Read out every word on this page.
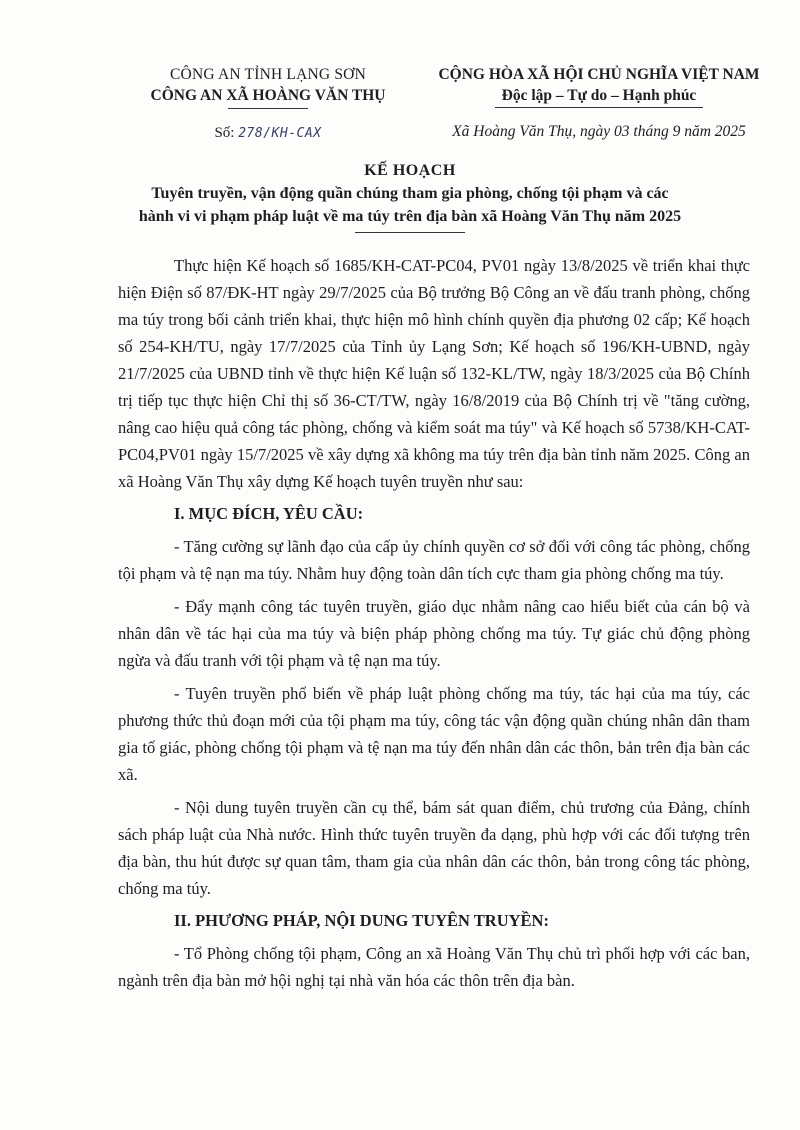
CÔNG AN TỈNH LẠNG SƠN
CÔNG AN XÃ HOÀNG VĂN THỤ
Số: 278/KH-CAX
CỘNG HÒA XÃ HỘI CHỦ NGHĨA VIỆT NAM
Độc lập – Tự do – Hạnh phúc
Xã Hoàng Văn Thụ, ngày 03 tháng 9 năm 2025
KẾ HOẠCH
Tuyên truyền, vận động quần chúng tham gia phòng, chống tội phạm và các
hành vi vi phạm pháp luật về ma túy trên địa bàn xã Hoàng Văn Thụ năm 2025

Thực hiện Kế hoạch số 1685/KH-CAT-PC04, PV01 ngày 13/8/2025 về triển khai thực hiện Điện số 87/ĐK-HT ngày 29/7/2025 của Bộ trưởng Bộ Công an về đấu tranh phòng, chống ma túy trong bối cảnh triển khai, thực hiện mô hình chính quyền địa phương 02 cấp; Kế hoạch số 254-KH/TU, ngày 17/7/2025 của Tỉnh ủy Lạng Sơn; Kế hoạch số 196/KH-UBND, ngày 21/7/2025 của UBND tỉnh về thực hiện Kế luận số 132-KL/TW, ngày 18/3/2025 của Bộ Chính trị tiếp tục thực hiện Chỉ thị số 36-CT/TW, ngày 16/8/2019 của Bộ Chính trị về "tăng cường, nâng cao hiệu quả công tác phòng, chống và kiểm soát ma túy" và Kế hoạch số 5738/KH-CAT-PC04,PV01 ngày 15/7/2025 về xây dựng xã không ma túy trên địa bàn tỉnh năm 2025. Công an xã Hoàng Văn Thụ xây dựng Kế hoạch tuyên truyền như sau:

I. MỤC ĐÍCH, YÊU CẦU:

- Tăng cường sự lãnh đạo của cấp ủy chính quyền cơ sở đối với công tác phòng, chống tội phạm và tệ nạn ma túy. Nhằm huy động toàn dân tích cực tham gia phòng chống ma túy.

- Đẩy mạnh công tác tuyên truyền, giáo dục nhằm nâng cao hiểu biết của cán bộ và nhân dân về tác hại của ma túy và biện pháp phòng chống ma túy. Tự giác chủ động phòng ngừa và đấu tranh với tội phạm và tệ nạn ma túy.

- Tuyên truyền phổ biến về pháp luật phòng chống ma túy, tác hại của ma túy, các phương thức thủ đoạn mới của tội phạm ma túy, công tác vận động quần chúng nhân dân tham gia tố giác, phòng chống tội phạm và tệ nạn ma túy đến nhân dân các thôn, bản trên địa bàn các xã.

- Nội dung tuyên truyền cần cụ thể, bám sát quan điểm, chủ trương của Đảng, chính sách pháp luật của Nhà nước. Hình thức tuyên truyền đa dạng, phù hợp với các đối tượng trên địa bàn, thu hút được sự quan tâm, tham gia của nhân dân các thôn, bản trong công tác phòng, chống ma túy.

II. PHƯƠNG PHÁP, NỘI DUNG TUYÊN TRUYỀN:

- Tổ Phòng chống tội phạm, Công an xã Hoàng Văn Thụ chủ trì phối hợp với các ban, ngành trên địa bàn mở hội nghị tại nhà văn hóa các thôn trên địa bàn.
